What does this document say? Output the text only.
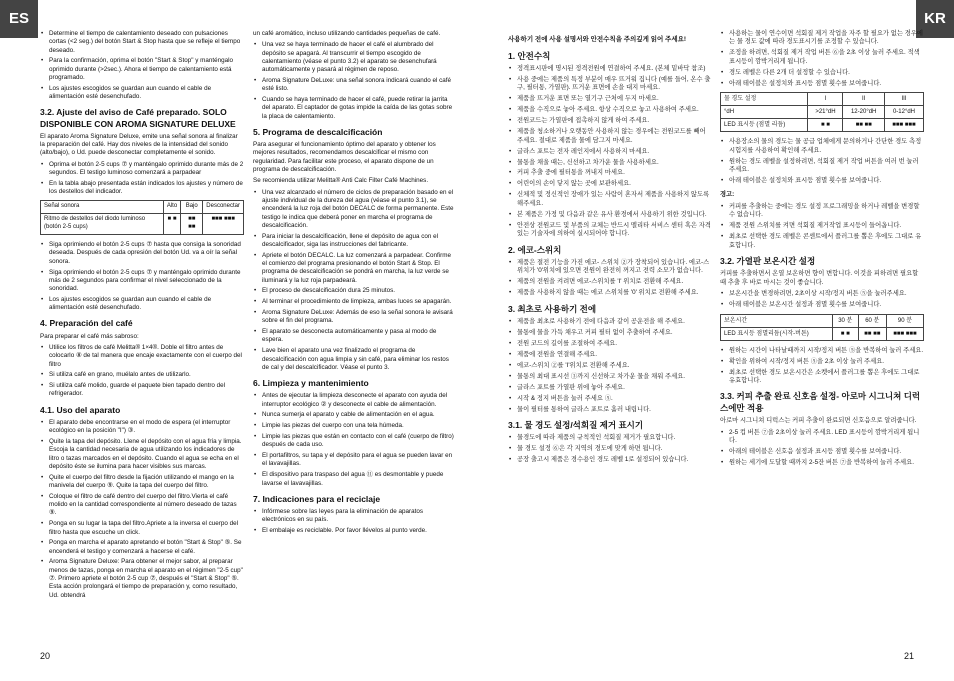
ES	KR
• Determine el tiempo de calentamiento deseado con pulsaciones cortas (<2 seg.) del botón Start & Stop hasta que se refleje el tiempo deseado.
• Para la confirmación, oprima el botón "Start & Stop" y manténgalo oprimido durante (>2sec.). Ahora el tiempo de calentamiento está programado.
• Los ajustes escogidos se guardan aun cuando el cable de alimentación esté desenchufado.
3.2. Ajuste del aviso de Café preparado. SOLO DISPONIBLE CON AROMA SIGNATURE DELUXE
El aparato Aroma Signature Deluxe, emite una señal sonora al finalizar la preparación del café. Hay dos niveles de la intensidad del sonido (alto/bajo), o Ud. puede desconectar completamente el sonido.
• Oprima el botón 2-5 cups ⑦ y manténgalo oprimido durante más de 2 segundos. El testigo luminoso comenzará a parpadear
• En la tabla abajo presentada están indicados los ajustes y número de los destellos del indicador.
Señal sonora	Alto	Bajo	Desconectar
Ritmo de destellos del diodo luminoso (botón 2-5 cups)	■ ■	■■ ■■	■■■ ■■■
• Siga oprimiendo el botón 2-5 cups ⑦ hasta que consiga la sonoridad deseada. Después de cada opresión del botón Ud. va a oír la señal sonora.
• Siga oprimiendo el botón 2-5 cups ⑦ y manténgalo oprimido durante más de 2 segundos para confirmar el nivel seleccionado de la sonoridad.
• Los ajustes escogidos se guardan aun cuando el cable de alimentación esté desenchufado.
4. Preparación del café
Para preparar el café más sabroso:
• Utilice los filtros de café Melitta® 1×4®. Doble el filtro antes de colocarlo ⑧ de tal manera que encaje exactamente con el cuerpo del filtro
• Si utiliza café en grano, muélalo antes de utilizarlo.
• Si utiliza café molido, guarde el paquete bien tapado dentro del refrigerador.
4.1. Uso del aparato
• El aparato debe encontrarse en el modo de espera (el interruptor ecológico en la posición "I") ③.
• Quite la tapa del depósito. Llene el depósito con el agua fría y limpia. Escoja la cantidad necesaria de agua utilizando los indicadores de litro o tazas marcados en el depósito. Cuando el agua se echa en el depósito éste se ilumina para hacer visibles sus marcas.
• Quite el cuerpo del filtro desde la fijación utilizando el mango en la manivela del cuerpo ⑨. Quite la tapa del cuerpo del filtro.
• Coloque el filtro de café dentro del cuerpo del filtro.Vierta el café molido en la cantidad correspondiente al número deseado de tazas ⑨.
• Ponga en su lugar la tapa del filtro.Apriete a la inversa el cuerpo del filtro hasta que escuche un click.
• Ponga en marcha el aparato apretando el botón "Start & Stop" ⑤. Se encenderá el testigo y comenzará a hacerse el café.
• Aroma Signature Deluxe: Para obtener el mejor sabor, al preparar menos de tazas, ponga en marcha el aparato en el régimen "2-5 cup" ⑦. Primero apriete el botón 2-5 cup ⑦, después el "Start & Stop" ⑤. Esta acción prolongará el tiempo de preparación y, como resultado, Ud. obtendrá
un café aromático, incluso utilizando cantidades pequeñas de café.
• Una vez se haya terminado de hacer el café el alumbrado del depósito se apagará. Al transcurrir el tiempo escogido de calentamiento (véase el punto 3.2) el aparato se desenchufará automáticamente y pasará al régimen de reposo.
• Aroma Signature DeLuxe: una señal sonora indicará cuando el café esté listo.
• Cuando se haya terminado de hacer el café, puede retirar la jarrita del aparato. El captador de gotas impide la caída de las gotas sobre la placa de calentamiento.
5. Programa de descalcificación
Para asegurar el funcionamiento óptimo del aparato y obtener los mejores resultados, recomendamos descalcificar el mismo con regularidad. Para facilitar este proceso, el aparato dispone de un programa de descalcificación.
Se recomienda utilizar Melitta® Anti Calc Filter Café Machines.
• Una vez alcanzado el número de ciclos de preparación basado en el ajuste individual de la dureza del agua (véase el punto 3.1), se encenderá la luz roja del botón DECALC de forma permanente. Este testigo le indica que deberá poner en marcha el programa de descalcificación.
• Para iniciar la descalcificación, llene el depósito de agua con el descalcificador, siga las instrucciones del fabricante.
• Apriete el botón DECALC. La luz comenzará a parpadear. Confirme el comienzo del programa presionando el botón Start & Stop. El programa de descalcificación se pondrá en marcha, la luz verde se iluminará y la luz roja parpadeará.
• El proceso de descalcificación dura 25 minutos.
• Al terminar el procedimiento de limpieza, ambas luces se apagarán.
• Aroma Signature DeLuxe: Además de eso la señal sonora le avisará sobre el fin del programa.
• El aparato se desconecta automáticamente y pasa al modo de espera.
• Lave bien el aparato una vez finalizado el programa de descalcificación con agua limpia y sin café, para eliminar los restos de cal y del descalcificador. Véase el punto 3.
6. Limpieza y mantenimiento
• Antes de ejecutar la limpieza desconecte el aparato con ayuda del interruptor ecológico ② y desconecte el cable de alimentación.
• Nunca sumerja el aparato y cable de alimentación en el agua.
• Limpie las piezas del cuerpo con una tela húmeda.
• Limpie las piezas que están en contacto con el café (cuerpo de filtro) después de cada uso.
• El portafiltros, su tapa y el depósito para el agua se pueden lavar en el lavavajillas.
• El dispositivo para traspaso del agua ⑪ es desmontable y puede lavarse el lavavajillas.
7. Indicaciones para el reciclaje
• Infórmese sobre las leyes para la eliminación de aparatos electrónicos en su país.
• El embalaje es reciclable. Por favor llévelos al punto verde.
사용하기 전에 사용 설명서와 안전수칙을 주의깊게 읽어 주세요!
1. 안전수칙
• 정격표시판에 명시된 정격전원에 연결하여 주세요. (본체 밑바닥 참조)
• 사용 중에는 제품의 특정 부분이 매우 뜨거워 집니다 (예를 들어, 온수 출구, 필터통, 가열판). 뜨거운 표면에 손을 대지 마세요.
• 제품을 뜨거운 표면 또는 열기구 근처에 두지 마세요.
• 제품을 수직으로 놓아 주세요. 항상 수직으로 놓고 사용하여 주세요.
• 전원코드는 가열판에 접촉하지 않게 하여 주세요.
• 제품을 청소하거나 오랫동안 사용하지 않는 경우에는 전원코드를 빼어 주세요. 절대로 제품을 물에 담그지 마세요.
• 글라스 포트는 전자 레인지에서 사용하지 마세요.
• 물통을 채울 때는, 신선하고 차가운 물을 사용하세요.
• 커피 추출 중에 필터통을 꺼내지 마세요.
• 어린이의 손이 닿지 않는 곳에 보관하세요.
• 신체적 및 정신적인 장애가 있는 사람이 혼자서 제품을 사용하지 않도록 해주세요.
• 본 제품은 가정 및 다음과 같은 유사 환경에서 사용하기 위한 것입니다.
• 안전상 전원코드 및 부품의 교체는 반드시 멜리타 서비스 센터 혹은 자격있는 기술자에 의하여 실시되어야 합니다.
2. 에코-스위치
• 제품은 절전 기능을 가진 에코- 스위치 ②가 장착되어 있습니다. 에코-스위치가 '0'위치에 있으면 전원이 완전히 꺼지고 전력 소모가 없습니다.
• 제품의 전원을 켜려면 에코-스위치를 'I' 위치로 전환해 주세요.
• 제품을 사용하지 않을 때는 에코 스위치를 '0' 위치로 전환해 주세요.
3. 최초로 사용하기 전에
• 제품을 최초로 사용하기 전에 다음과 같이 공운전을 해 주세요.
• 물통에 물을 가득 채우고 커피 필터 없이 추출하여 주세요.
• 전원 코드의 길이를 조절하여 주세요.
• 제품에 전원을 연결해 주세요.
• 에코-스위치 ②를 'I'위치로 전환해 주세요.
• 물통의 최대 표시선 ③까지 신선하고 차가운 물을 채워 주세요.
• 글라스 포트를 가열판 위에 놓아 주세요.
• 시작 & 정지 버튼을 눌러 주세요 ⑤.
• 물이 필터를 통하여 글라스 포트로 흘러 내립니다.
3.1. 물 경도 설정/석회질 제거 표시기
• 물경도에 따라 제품의 규칙적인 석회질 제거가 필요합니다.
• 물 경도 설정 ⑥은 각 지역의 경도에 맞게 하면 됩니다.
• 공장 출고시 제품은 경수용인 경도 레벨 1로 설정되어 있습니다.
• 사용하는 물이 연수이면 석회질 제거 작업을 자주 할 필요가 없는 경우에는 물 경도 값에 따라 경도표시기를 조정할 수 있습니다.
• 조정을 하려면, 석회질 제거 작업 버튼 ⑥을 2초 이상 눌러 주세요. 적색 표시등이 깜박거리게 됩니다.
• 경도 레벨은 다른 2개 더 설정할 수 있습니다.
• 아래 테이블은 설정치와 표시등 점멸 횟수를 보여줍니다.
물 경도 설정	I	II	III
°dH	>21°dH	12-20°dH	0-12°dH
LED 표시등 (점멸 리듬)	■ ■	■■ ■■	■■■ ■■■
• 사용장소의 물의 경도는 물 공급 업체에게 문의하거나 간단한 경도 측정 시험지를 사용하여 확인해 주세요.
• 원하는 경도 레벨을 설정하려면, 석회질 제거 작업 버튼을 여러 번 눌러 주세요.
• 아래 테이블은 설정치와 표시등 점멸 횟수를 보여줍니다.
경고:
• 커피를 추출하는 중에는 경도 설정 프로그래밍을 하거나 레벨을 변경할 수 없습니다.
• 제품 전원 스위치를 켜면 석회질 제거작업 표시등이 들어옵니다.
• 최초로 선택한 경도 레벨은 콘센트에서 플러그를 뽑은 후에도 그대로 유효합니다.
3.2. 가열판 보온시간 설정
커피를 추출하면서 온열 보온하면 향이 변합니다. 이것을 피하려면 필요할 때 추출 후 바로 마시는 것이 좋습니다.
• 보온시간을 변경하려면, 2초이상 시작/정지 버튼 ⑤을 눌러주세요.
• 아래 테이블은 보온시간 설정과 점멸 횟수를 보여줍니다.
보온시간	30 분	60 분	90 분
LED 표시등 점멸리듬(시작-버튼)	■ ■	■■ ■■	■■■ ■■■
• 원하는 시간이 나타날때까지 시작/정지 버튼 ⑤을 반복하여 눌러 주세요.
• 확인을 위하여 시작/정지 버튼 ⑤을 2초 이상 눌러 주세요.
• 최초로 선택한 경도 보온시간은 소켓에서 플러그를 뽑은 후에도 그대로 유효합니다.
3.3. 커피 추출 완료 신호음 설정- 아로마 시그니쳐 디럭스에만 적용
아로마 시그니쳐 디럭스는 커피 추출이 완료되면 신호음으로 알려줍니다.
• 2-5 컵 버튼 ⑦을 2초이상 눌러 주세요. LED 표시등이 깜박거리게 됩니다.
• 아래의 테이블은 신호음 설정과 표시등 점멸 횟수를 보여줍니다.
• 원하는 세기에 도달할 때까지 2-5잔 버튼 ⑦을 반복하여 눌러 주세요.
20	21
